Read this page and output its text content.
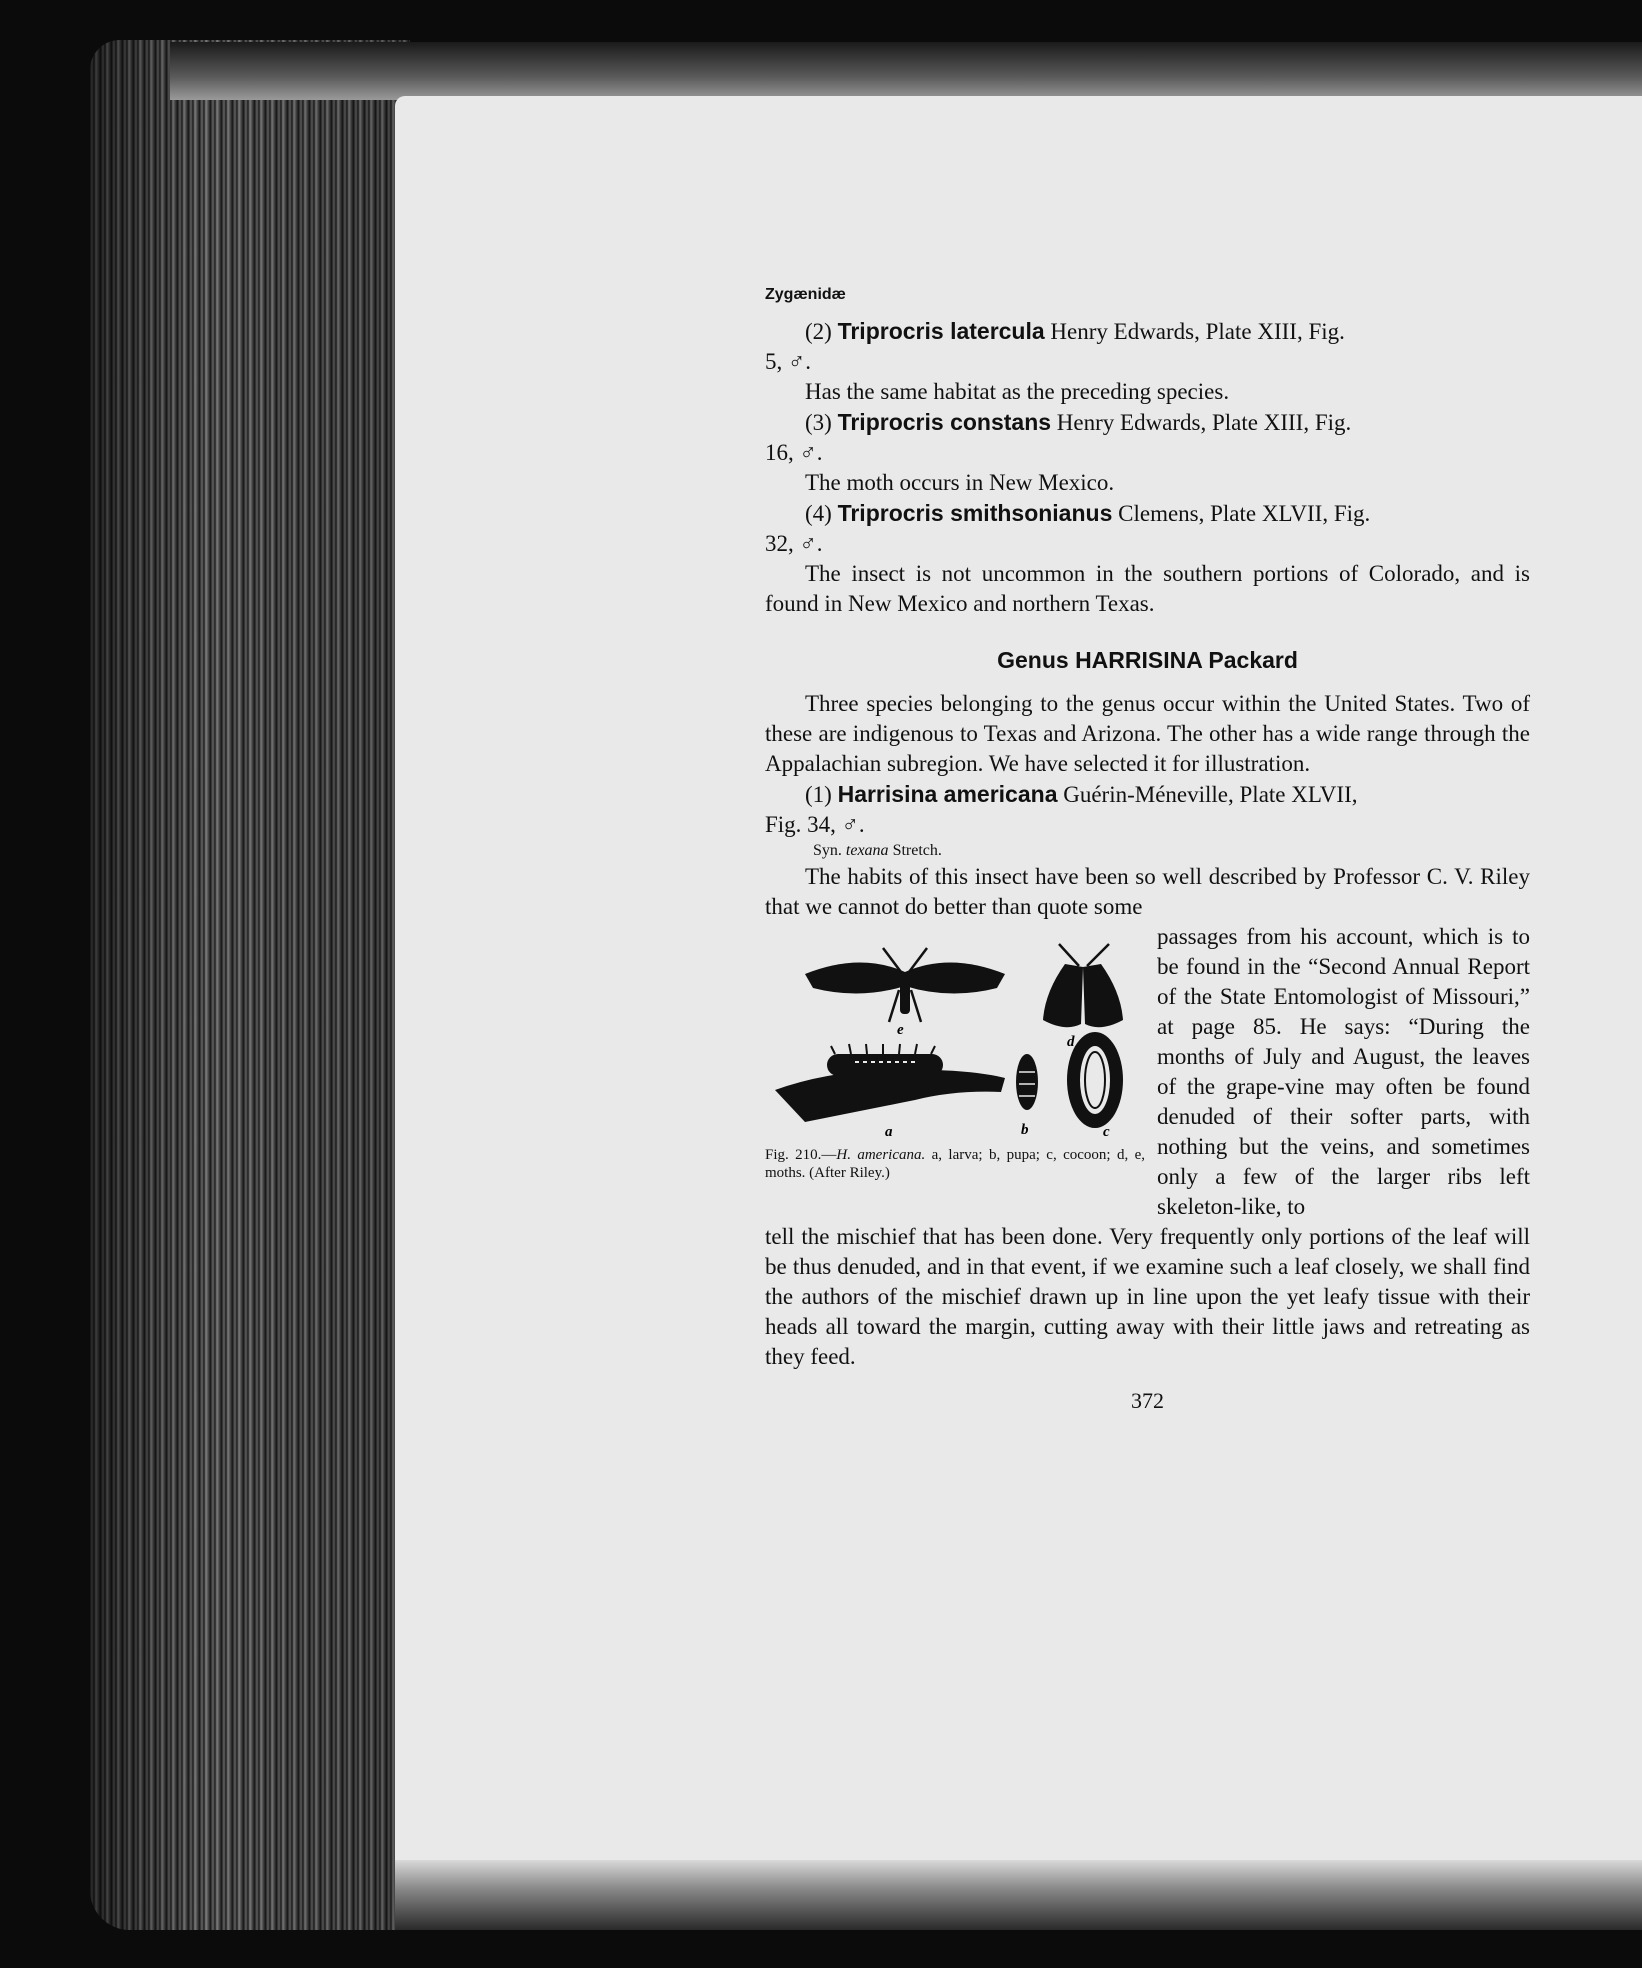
Zygænidæ

(2) Triprocris latercula Henry Edwards, Plate XIII, Fig.

5, ♂.

Has the same habitat as the preceding species.

(3) Triprocris constans Henry Edwards, Plate XIII, Fig.

16, ♂.

The moth occurs in New Mexico.

(4) Triprocris smithsonianus Clemens, Plate XLVII, Fig.

32, ♂.

The insect is not uncommon in the southern portions of Colorado, and is found in New Mexico and northern Texas.

Genus HARRISINA Packard

Three species belonging to the genus occur within the United States. Two of these are indigenous to Texas and Arizona. The other has a wide range through the Appalachian subregion. We have selected it for illustration.

(1) Harrisina americana Guérin-Méneville, Plate XLVII,

Fig. 34, ♂.

Syn. texana Stretch.

The habits of this insect have been so well described by Professor C. V. Riley that we cannot do better than quote some

e
d
a	b	c
Fig. 210.—H. americana. a, larva; b, pupa; c, cocoon; d, e, moths. (After Riley.)

passages from his account, which is to be found in the “Second Annual Report of the State Entomologist of Missouri,” at page 85. He says: “During the months of July and August, the leaves of the grape-vine may often be found denuded of their softer parts, with nothing but the veins, and sometimes only a few of the larger ribs left skeleton-like, to

tell the mischief that has been done. Very frequently only portions of the leaf will be thus denuded, and in that event, if we examine such a leaf closely, we shall find the authors of the mischief drawn up in line upon the yet leafy tissue with their heads all toward the margin, cutting away with their little jaws and retreating as they feed.

372
